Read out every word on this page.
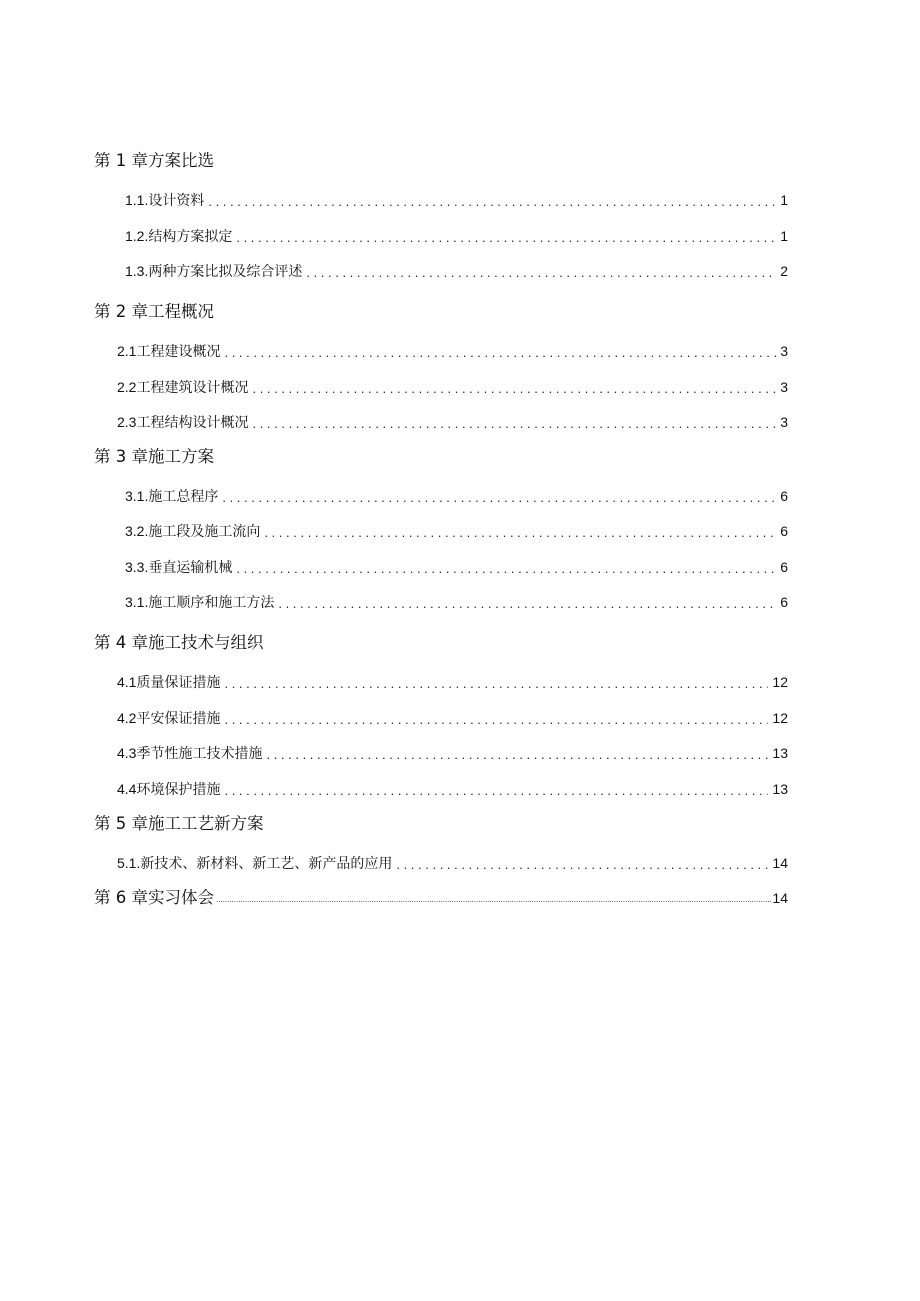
第 1 章方案比选
1.1. 设计资料 . . .	1
1.2. 结构方案拟定 . . .	1
1.3. 两种方案比拟及综合评述 . . .	2
第 2 章工程概况
2.1 工程建设概况 . . .	3
2.2 工程建筑设计概况 . . .	3
2.3 工程结构设计概况 . . .	3
第 3 章施工方案
3.1. 施工总程序 . . .	6
3.2. 施工段及施工流向 . . .	6
3.3. 垂直运输机械 . . .	6
3.1. 施工顺序和施工方法 . . .	6
第 4 章施工技术与组织
4.1 质量保证措施 . . .	12
4.2 平安保证措施 . . .	12
4.3 季节性施工技术措施 . . .	13
4.4 环境保护措施 . . .	13
第 5 章施工工艺新方案
5.1. 新技术、新材料、新工艺、新产品的应用 . . .	14
第 6 章实习体会 .....	14
